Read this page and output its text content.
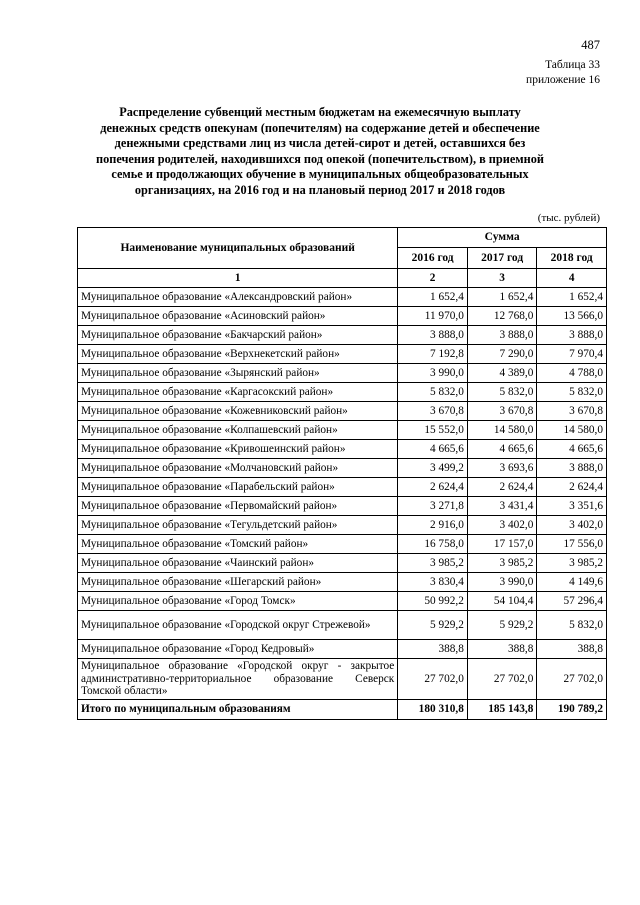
487
Таблица 33
приложение 16
Распределение субвенций местным бюджетам на ежемесячную выплату денежных средств опекунам (попечителям) на содержание детей и обеспечение денежными средствами лиц из числа детей-сирот и детей, оставшихся без попечения родителей, находившихся под опекой (попечительством), в приемной семье и продолжающих обучение в муниципальных общеобразовательных организациях, на 2016 год и на плановый период 2017 и 2018 годов
(тыс. рублей)
Наименование муниципальных образований	Сумма		
	2016 год	2017 год	2018 год
1	2	3	4
Муниципальное образование «Александровский район»	1 652,4	1 652,4	1 652,4
Муниципальное образование «Асиновский район»	11 970,0	12 768,0	13 566,0
Муниципальное образование «Бакчарский район»	3 888,0	3 888,0	3 888,0
Муниципальное образование «Верхнекетский район»	7 192,8	7 290,0	7 970,4
Муниципальное образование «Зырянский район»	3 990,0	4 389,0	4 788,0
Муниципальное образование «Каргасокский район»	5 832,0	5 832,0	5 832,0
Муниципальное образование «Кожевниковский район»	3 670,8	3 670,8	3 670,8
Муниципальное образование «Колпашевский район»	15 552,0	14 580,0	14 580,0
Муниципальное образование «Кривошеинский район»	4 665,6	4 665,6	4 665,6
Муниципальное образование «Молчановский район»	3 499,2	3 693,6	3 888,0
Муниципальное образование «Парабельский район»	2 624,4	2 624,4	2 624,4
Муниципальное образование «Первомайский район»	3 271,8	3 431,4	3 351,6
Муниципальное образование «Тегульдетский район»	2 916,0	3 402,0	3 402,0
Муниципальное образование «Томский район»	16 758,0	17 157,0	17 556,0
Муниципальное образование «Чаинский район»	3 985,2	3 985,2	3 985,2
Муниципальное образование «Шегарский район»	3 830,4	3 990,0	4 149,6
Муниципальное образование «Город Томск»	50 992,2	54 104,4	57 296,4
Муниципальное образование «Городской округ Стрежевой»	5 929,2	5 929,2	5 832,0
Муниципальное образование «Город Кедровый»	388,8	388,8	388,8
Муниципальное образование «Городской округ - закрытое административно-территориальное образование Северск Томской области»	27 702,0	27 702,0	27 702,0
Итого по муниципальным образованиям	180 310,8	185 143,8	190 789,2
